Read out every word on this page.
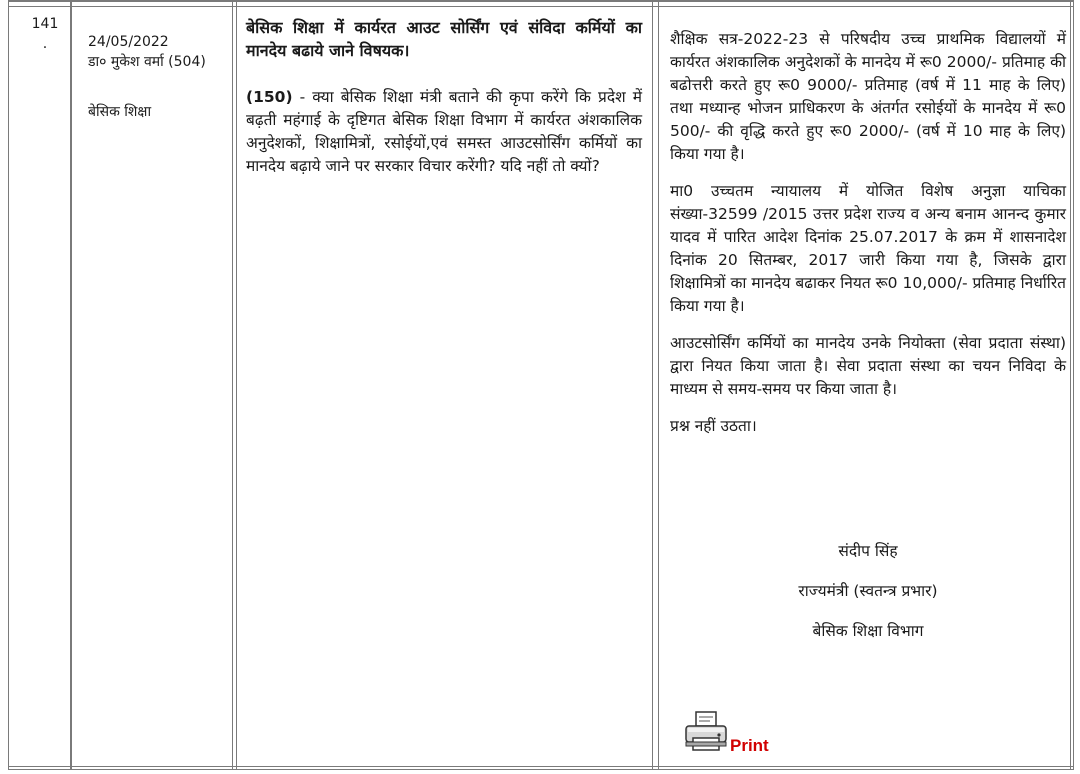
141
.	24/05/2022
डा० मुकेश वर्मा (504)
बेसिक शिक्षा
बेसिक शिक्षा में कार्यरत आउट सोर्सिंग एवं संविदा कर्मियों का मानदेय बढाये जाने विषयक।
(150) - क्या बेसिक शिक्षा मंत्री बताने की कृपा करेंगे कि प्रदेश में बढ़ती महंगाई के दृष्टिगत बेसिक शिक्षा विभाग में कार्यरत अंशकालिक अनुदेशकों, शिक्षामित्रों, रसोईयों,एवं समस्त आउटसोर्सिंग कर्मियों का मानदेय बढ़ाये जाने पर सरकार विचार करेंगी? यदि नहीं तो क्यों?

शैक्षिक सत्र-2022-23 से परिषदीय उच्च प्राथमिक विद्यालयों में कार्यरत अंशकालिक अनुदेशकों के मानदेय में रू0 2000/- प्रतिमाह की बढोत्तरी करते हुए रू0 9000/- प्रतिमाह (वर्ष में 11 माह के लिए) तथा मध्यान्ह भोजन प्राधिकरण के अंतर्गत रसोईयों के मानदेय में रू0 500/- की वृद्धि करते हुए रू0 2000/- (वर्ष में 10 माह के लिए) किया गया है।

मा0 उच्चतम न्यायालय में योजित विशेष अनुज्ञा याचिका संख्या-32599 /2015 उत्तर प्रदेश राज्य व अन्य बनाम आनन्द कुमार यादव में पारित आदेश दिनांक 25.07.2017 के क्रम में शासनादेश दिनांक 20 सितम्बर, 2017 जारी किया गया है, जिसके द्वारा शिक्षामित्रों का मानदेय बढाकर नियत रू0 10,000/- प्रतिमाह निर्धारित किया गया है।

आउटसोर्सिंग कर्मियों का मानदेय उनके नियोक्ता (सेवा प्रदाता संस्था) द्वारा नियत किया जाता है। सेवा प्रदाता संस्था का चयन निविदा के माध्यम से समय-समय पर किया जाता है।

प्रश्न नहीं उठता।

संदीप सिंह
राज्यमंत्री (स्वतन्त्र प्रभार)
बेसिक शिक्षा विभाग
Print
